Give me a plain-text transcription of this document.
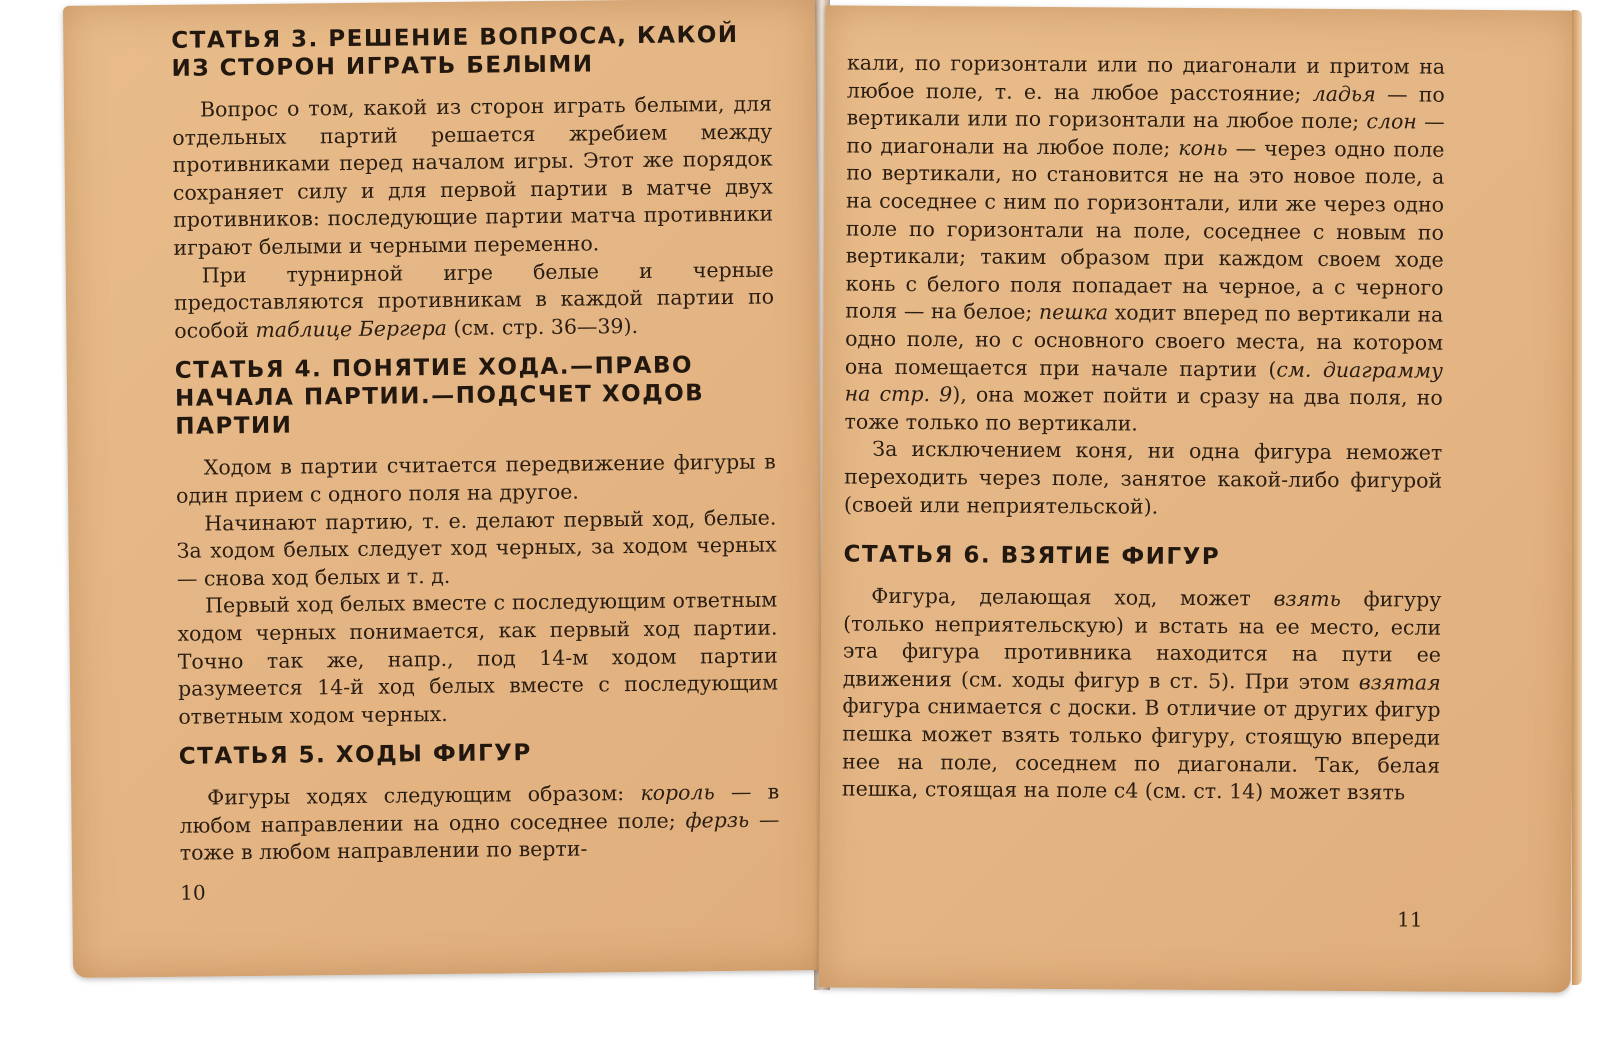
СТАТЬЯ 3. РЕШЕНИЕ ВОПРОСА, КАКОЙ ИЗ СТОРОН ИГРАТЬ БЕЛЫМИ

Вопрос о том, какой из сторон играть белыми, для отдельных партий решается жребием между противниками перед началом игры. Этот же порядок сохраняет силу и для первой партии в матче двух противников: последующие партии матча противники играют белыми и черными переменно.

При турнирной игре белые и черные предоставляются противникам в каждой партии по особой таблице Бергера (см. стр. 36—39).

СТАТЬЯ 4. ПОНЯТИЕ ХОДА.—ПРАВО НАЧАЛА ПАРТИИ.—ПОДСЧЕТ ХОДОВ ПАРТИИ

Ходом в партии считается передвижение фигуры в один прием с одного поля на другое.

Начинают партию, т. е. делают первый ход, белые. За ходом белых следует ход черных, за ходом черных — снова ход белых и т. д.

Первый ход белых вместе с последующим ответным ходом черных понимается, как первый ход партии. Точно так же, напр., под 14-м ходом партии разумеется 14-й ход белых вместе с последующим ответным ходом черных.

СТАТЬЯ 5. ХОДЫ ФИГУР

Фигуры ходях следующим образом: король — в любом направлении на одно соседнее поле; ферзь — тоже в любом направлении по верти-

10

кали, по горизонтали или по диагонали и притом на любое поле, т. е. на любое расстояние; ладья — по вертикали или по горизонтали на любое поле; слон — по диагонали на любое поле; конь — через одно поле по вертикали, но становится не на это новое поле, а на соседнее с ним по горизонтали, или же через одно поле по горизонтали на поле, соседнее с новым по вертикали; таким образом при каждом своем ходе конь с белого поля попадает на черное, а с черного поля — на белое; пешка ходит вперед по вертикали на одно поле, но с основного своего места, на котором она помещается при начале партии (см. диаграмму на стр. 9), она может пойти и сразу на два поля, но тоже только по вертикали.

За исключением коня, ни одна фигура неможет переходить через поле, занятое какой-либо фигурой (своей или неприятельской).

СТАТЬЯ 6. ВЗЯТИЕ ФИГУР

Фигура, делающая ход, может взять фигуру (только неприятельскую) и встать на ее место, если эта фигура противника находится на пути ее движения (см. ходы фигур в ст. 5). При этом взятая фигура снимается с доски. В отличие от других фигур пешка может взять только фигуру, стоящую впереди нее на поле, соседнем по диагонали. Так, белая пешка, стоящая на поле c4 (см. ст. 14) может взять

11
